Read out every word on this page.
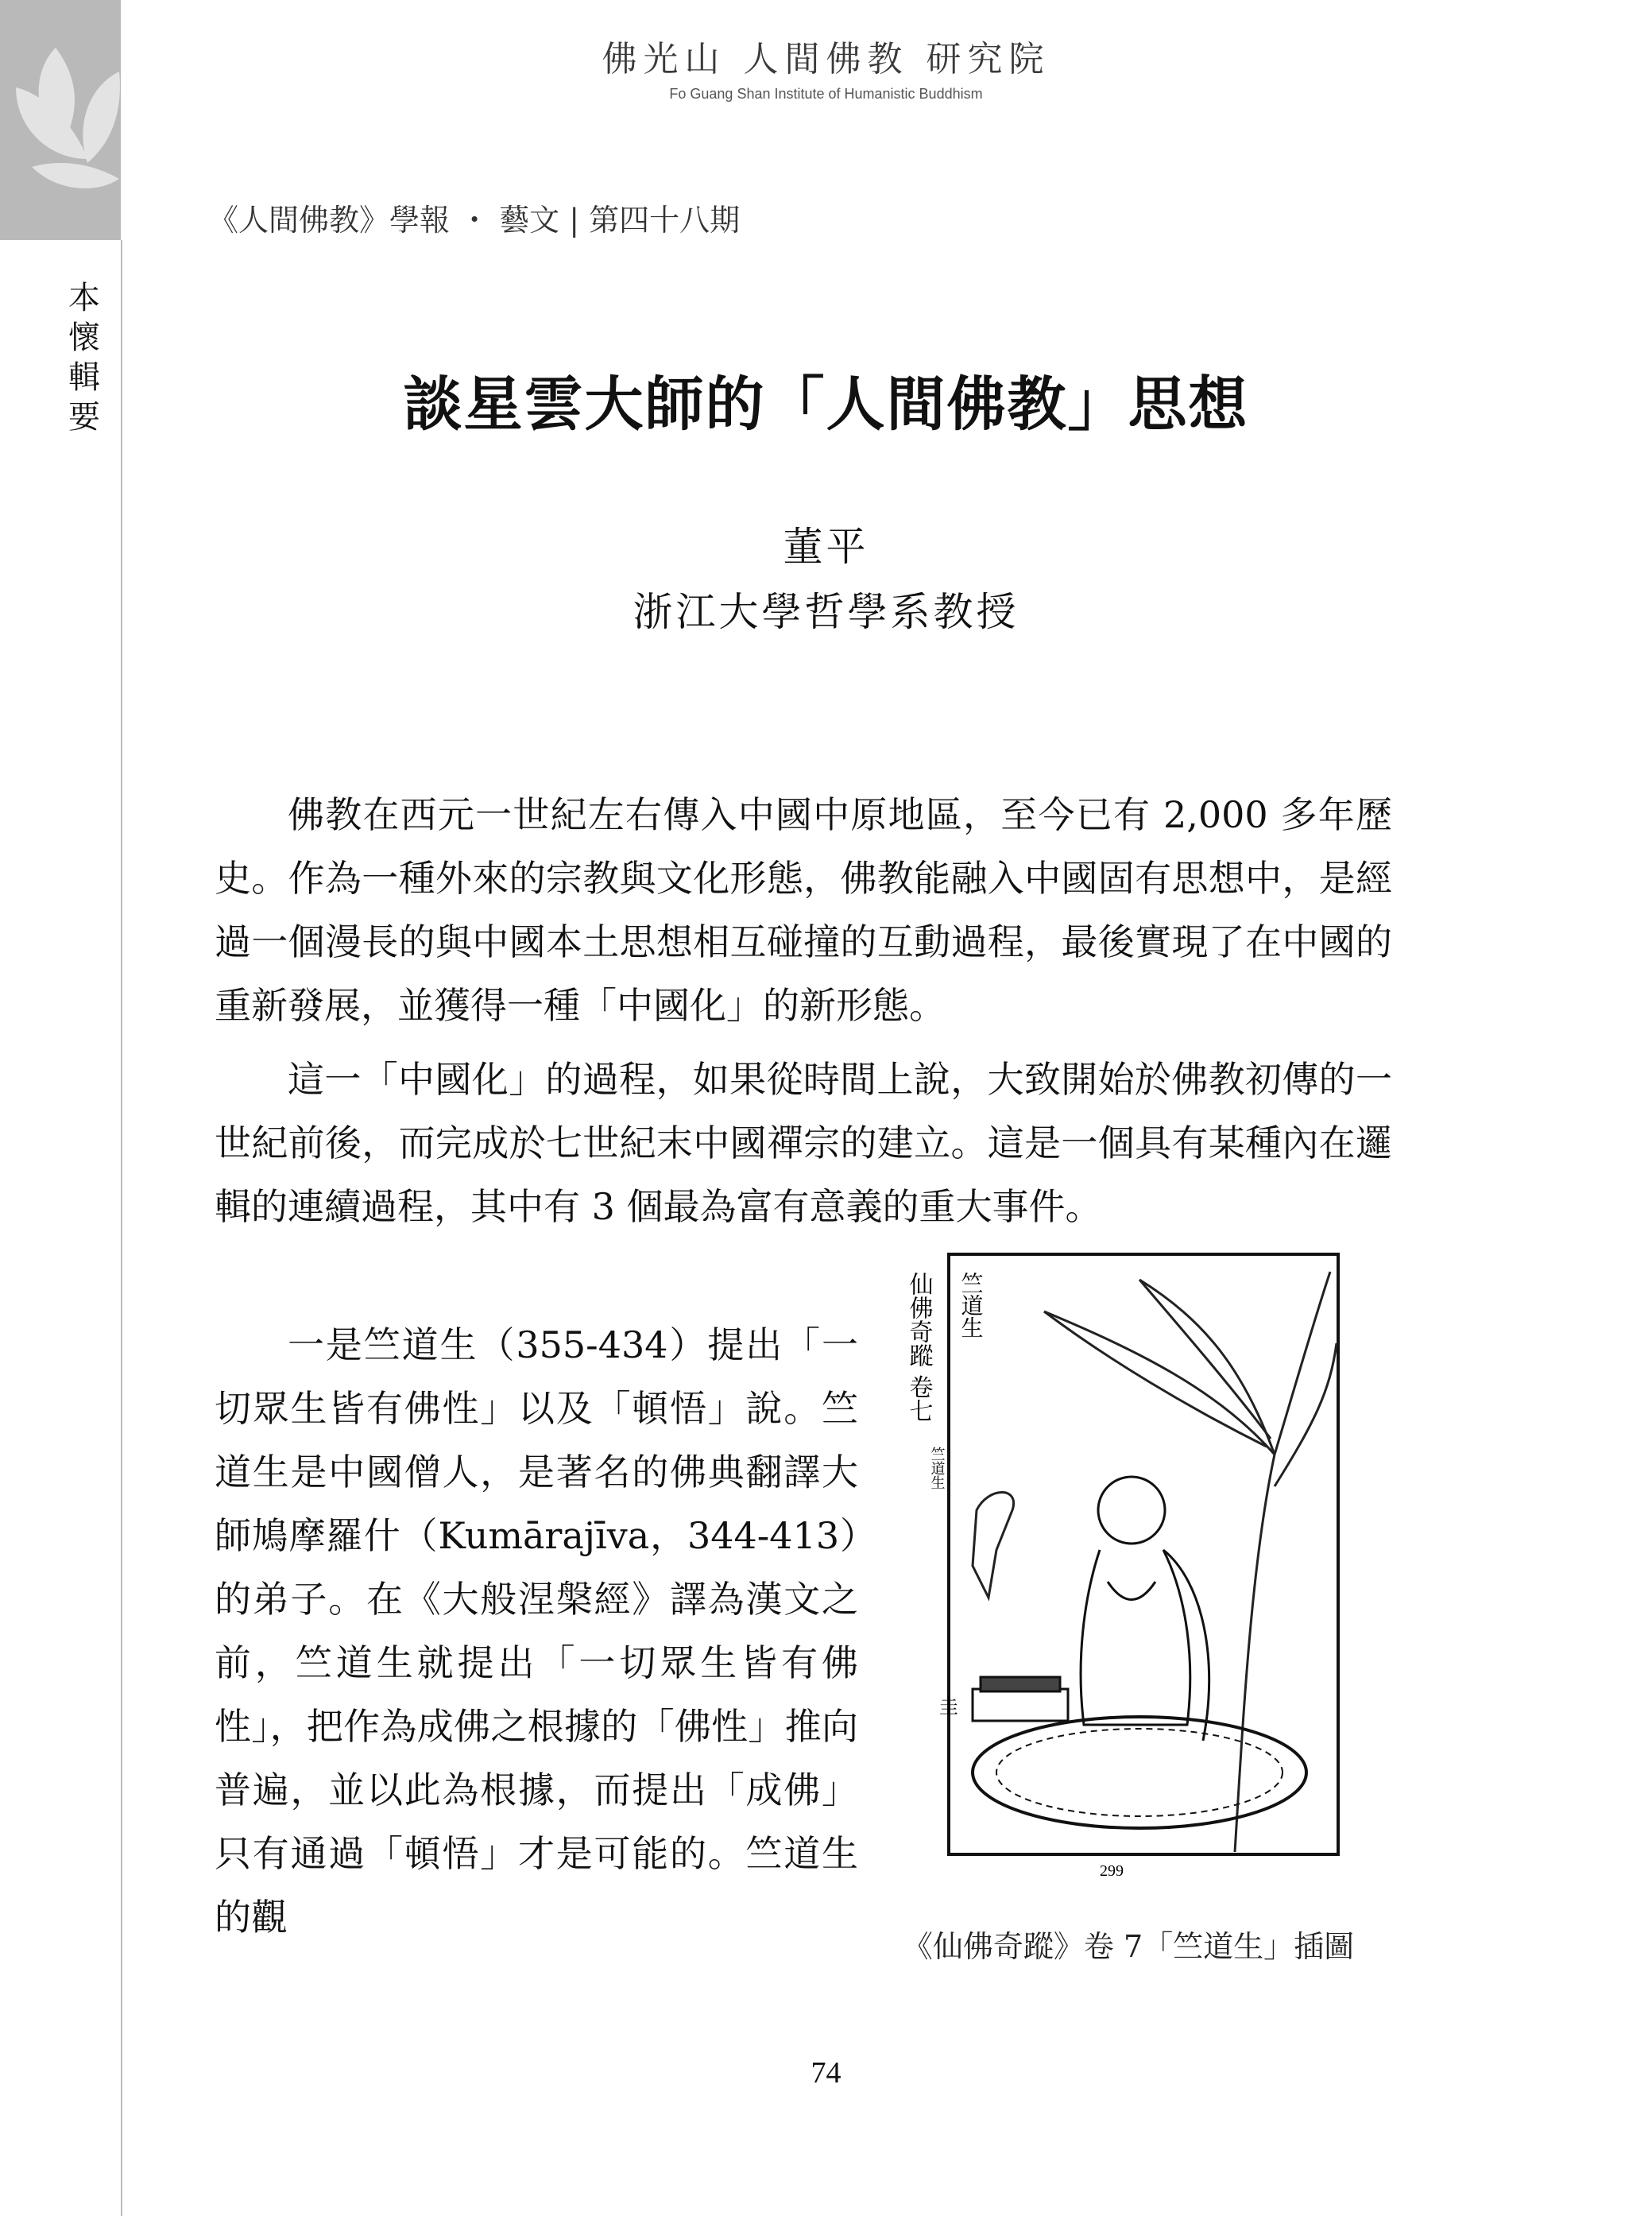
本
懷
輯
要
佛光山 人間佛教 研究院
Fo Guang Shan Institute of Humanistic Buddhism
《人間佛教》學報 ・ 藝文 | 第四十八期
談星雲大師的「人間佛教」思想
董平
浙江大學哲學系教授
佛教在西元一世紀左右傳入中國中原地區，至今已有 2,000 多年歷史。作為一種外來的宗教與文化形態，佛教能融入中國固有思想中，是經過一個漫長的與中國本土思想相互碰撞的互動過程，最後實現了在中國的重新發展，並獲得一種「中國化」的新形態。
這一「中國化」的過程，如果從時間上說，大致開始於佛教初傳的一世紀前後，而完成於七世紀末中國禪宗的建立。這是一個具有某種內在邏輯的連續過程，其中有 3 個最為富有意義的重大事件。
一是竺道生（355-434）提出「一切眾生皆有佛性」以及「頓悟」說。竺道生是中國僧人，是著名的佛典翻譯大師鳩摩羅什（Kumārajīva，344-413）的弟子。在《大般涅槃經》譯為漢文之前，竺道生就提出「一切眾生皆有佛性」，把作為成佛之根據的「佛性」推向普遍，並以此為根據，而提出「成佛」只有通過「頓悟」才是可能的。竺道生的觀
仙佛奇蹤 卷七 竺道生
竺道生
圭
299
《仙佛奇蹤》卷 7「竺道生」插圖
74
